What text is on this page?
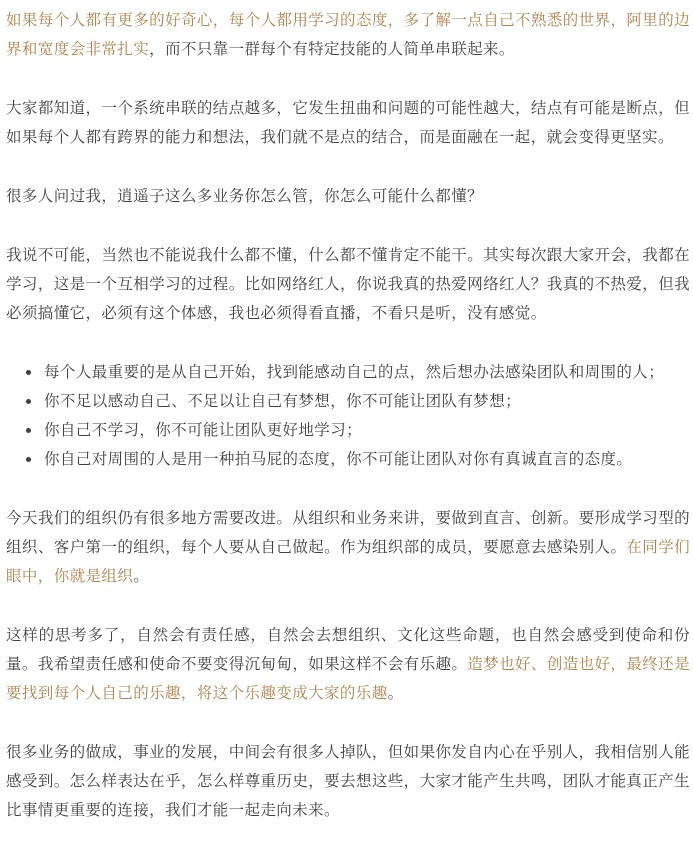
如果每个人都有更多的好奇心，每个人都用学习的态度，多了解一点自己不熟悉的世界，阿里的边界和宽度会非常扎实，而不只靠一群每个有特定技能的人简单串联起来。

大家都知道，一个系统串联的结点越多，它发生扭曲和问题的可能性越大，结点有可能是断点，但如果每个人都有跨界的能力和想法，我们就不是点的结合，而是面融在一起，就会变得更坚实。

很多人问过我，逍遥子这么多业务你怎么管，你怎么可能什么都懂？

我说不可能，当然也不能说我什么都不懂，什么都不懂肯定不能干。其实每次跟大家开会，我都在学习，这是一个互相学习的过程。比如网络红人，你说我真的热爱网络红人？我真的不热爱，但我必须搞懂它，必须有这个体感，我也必须得看直播，不看只是听，没有感觉。

每个人最重要的是从自己开始，找到能感动自己的点，然后想办法感染团队和周围的人；
你不足以感动自己、不足以让自己有梦想，你不可能让团队有梦想；
你自己不学习，你不可能让团队更好地学习；
你自己对周围的人是用一种拍马屁的态度，你不可能让团队对你有真诚直言的态度。

今天我们的组织仍有很多地方需要改进。从组织和业务来讲，要做到直言、创新。要形成学习型的组织、客户第一的组织，每个人要从自己做起。作为组织部的成员，要愿意去感染别人。在同学们眼中，你就是组织。

这样的思考多了，自然会有责任感，自然会去想组织、文化这些命题，也自然会感受到使命和份量。我希望责任感和使命不要变得沉甸甸，如果这样不会有乐趣。造梦也好、创造也好，最终还是要找到每个人自己的乐趣，将这个乐趣变成大家的乐趣。

很多业务的做成，事业的发展，中间会有很多人掉队，但如果你发自内心在乎别人，我相信别人能感受到。怎么样表达在乎，怎么样尊重历史，要去想这些，大家才能产生共鸣，团队才能真正产生比事情更重要的连接，我们才能一起走向未来。
